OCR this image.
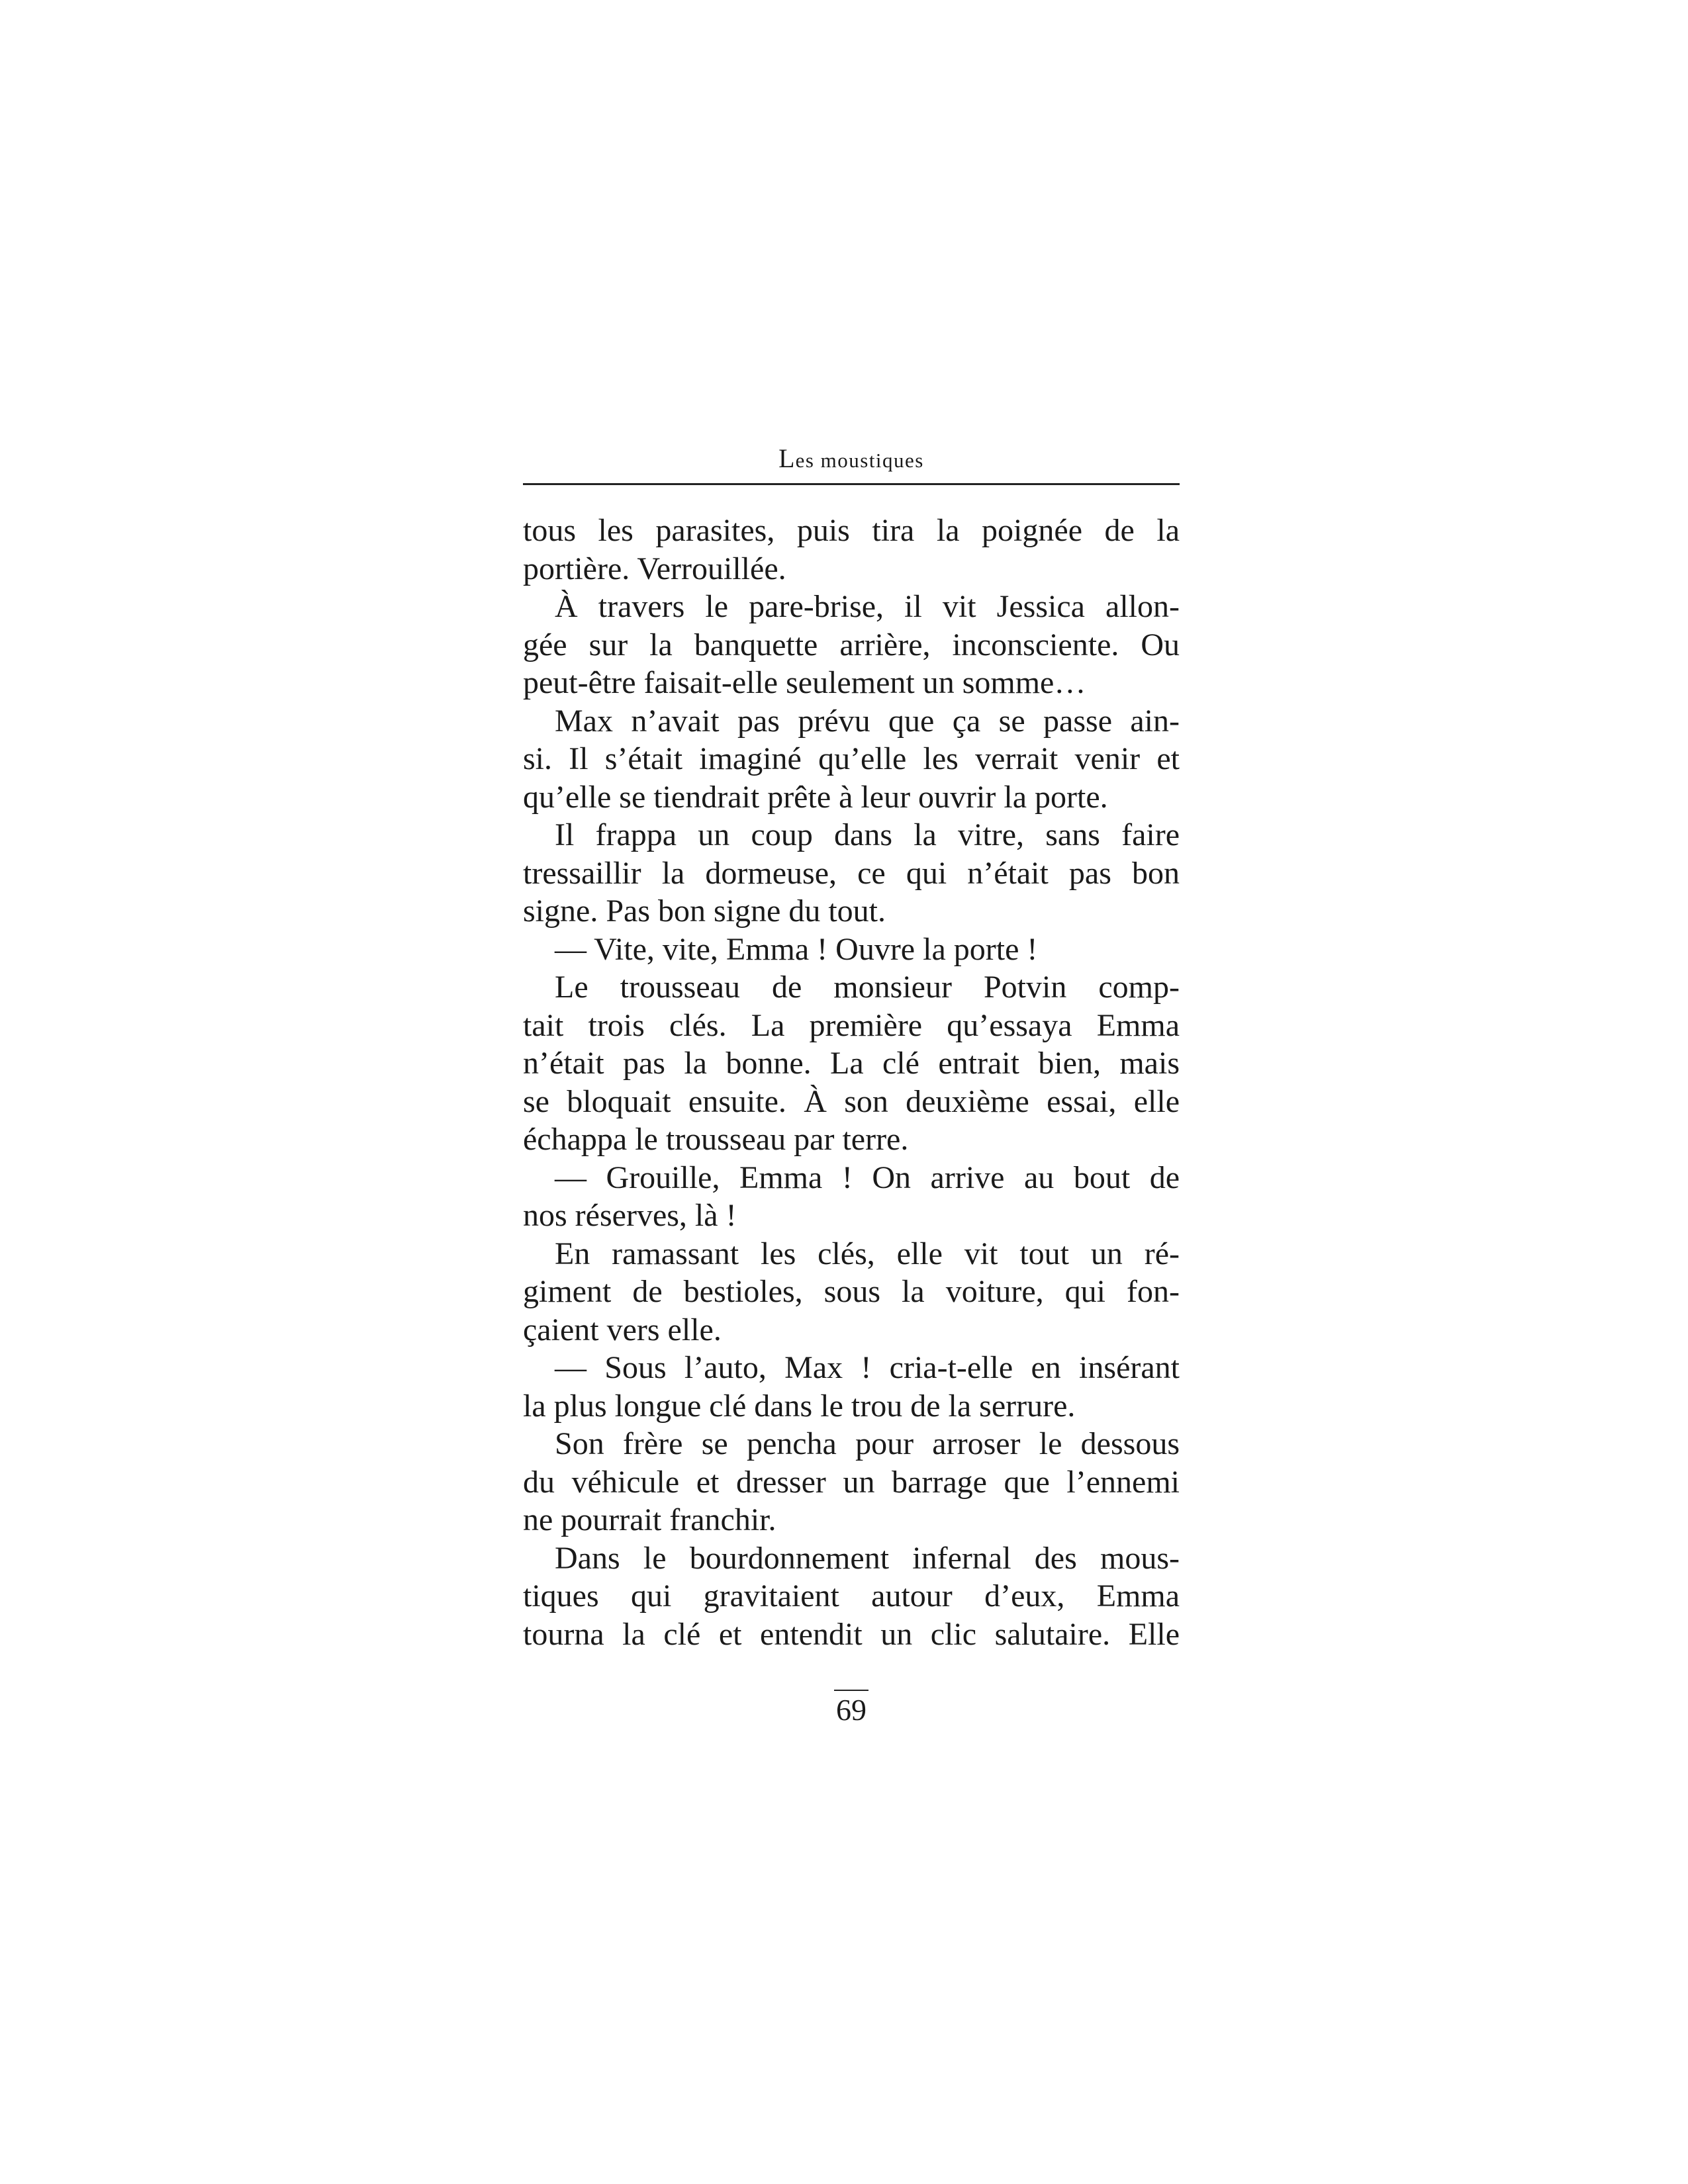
Les moustiques
tous les parasites, puis tira la poignée de la
portière. Verrouillée.
À travers le pare-brise, il vit Jessica allon-
gée sur la banquette arrière, inconsciente. Ou
peut-être faisait-elle seulement un somme…
Max n’avait pas prévu que ça se passe ain-
si. Il s’était imaginé qu’elle les verrait venir et
qu’elle se tiendrait prête à leur ouvrir la porte.
Il frappa un coup dans la vitre, sans faire
tressaillir la dormeuse, ce qui n’était pas bon
signe. Pas bon signe du tout.
— Vite, vite, Emma ! Ouvre la porte !
Le trousseau de monsieur Potvin comp-
tait trois clés. La première qu’essaya Emma
n’était pas la bonne. La clé entrait bien, mais
se bloquait ensuite. À son deuxième essai, elle
échappa le trousseau par terre.
— Grouille, Emma ! On arrive au bout de
nos réserves, là !
En ramassant les clés, elle vit tout un ré-
giment de bestioles, sous la voiture, qui fon-
çaient vers elle.
— Sous l’auto, Max ! cria-t-elle en insérant
la plus longue clé dans le trou de la serrure.
Son frère se pencha pour arroser le dessous
du véhicule et dresser un barrage que l’ennemi
ne pourrait franchir.
Dans le bourdonnement infernal des mous-
tiques qui gravitaient autour d’eux, Emma
tourna la clé et entendit un clic salutaire. Elle
69
